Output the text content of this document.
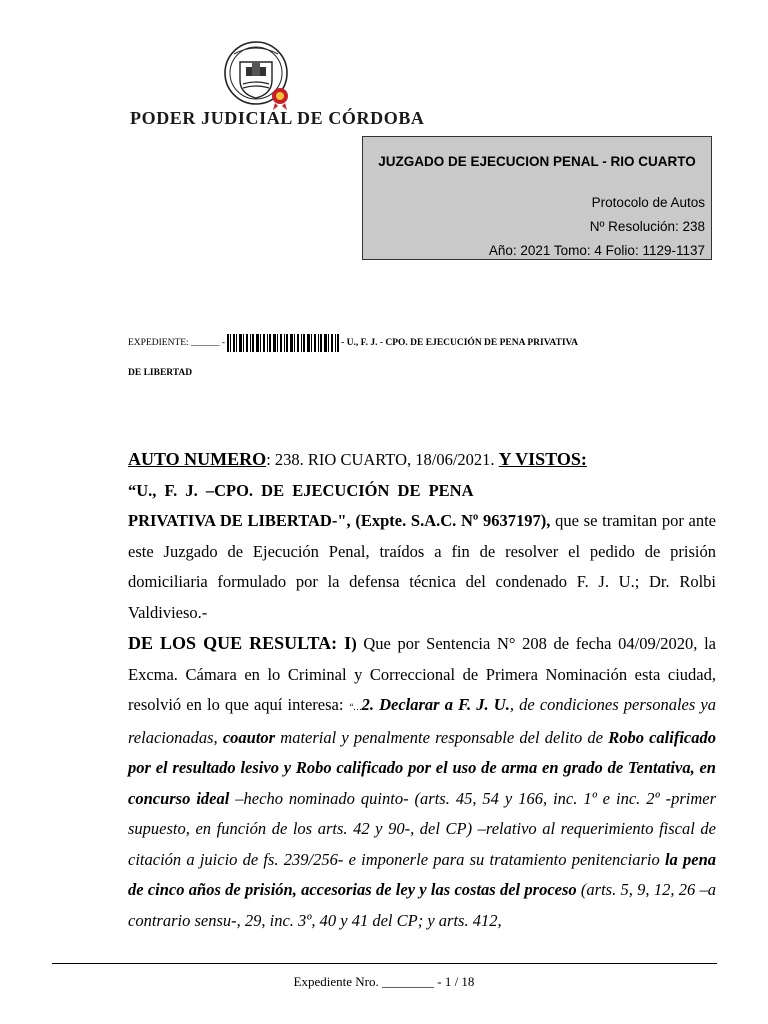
PODER JUDICIAL DE CÓRDOBA
JUZGADO DE EJECUCION PENAL - RIO CUARTO
Protocolo de Autos
Nº Resolución: 238
Año: 2021 Tomo: 4 Folio: 1129-1137
EXPEDIENTE: ______ -	- U., F. J. - CPO. DE EJECUCIÓN DE PENA PRIVATIVA
DE LIBERTAD

AUTO NUMERO: 238. RIO CUARTO, 18/06/2021. Y VISTOS:

“U., F. J. –CPO. DE EJECUCIÓN DE PENA
PRIVATIVA DE LIBERTAD-", (Expte. S.A.C. Nº 9637197), que se tramitan por ante este Juzgado de Ejecución Penal, traídos a fin de resolver el pedido de prisión domiciliaria formulado por la defensa técnica del condenado F. J. U.; Dr. Rolbi Valdivieso.-

DE LOS QUE RESULTA: I) Que por Sentencia N° 208 de fecha 04/09/2020, la Excma. Cámara en lo Criminal y Correccional de Primera Nominación esta ciudad, resolvió en lo que aquí interesa: “…2. Declarar a F. J. U., de condiciones personales ya relacionadas, coautor material y penalmente responsable del delito de Robo calificado por el resultado lesivo y Robo calificado por el uso de arma en grado de Tentativa, en concurso ideal –hecho nominado quinto- (arts. 45, 54 y 166, inc. 1º e inc. 2º -primer supuesto, en función de los arts. 42 y 90-, del CP) –relativo al requerimiento fiscal de citación a juicio de fs. 239/256- e imponerle para su tratamiento penitenciario la pena de cinco años de prisión, accesorias de ley y las costas del proceso (arts. 5, 9, 12, 26 –a contrario sensu-, 29, inc. 3º, 40 y 41 del CP; y arts. 412,

Expediente Nro. ________ - 1 / 18
